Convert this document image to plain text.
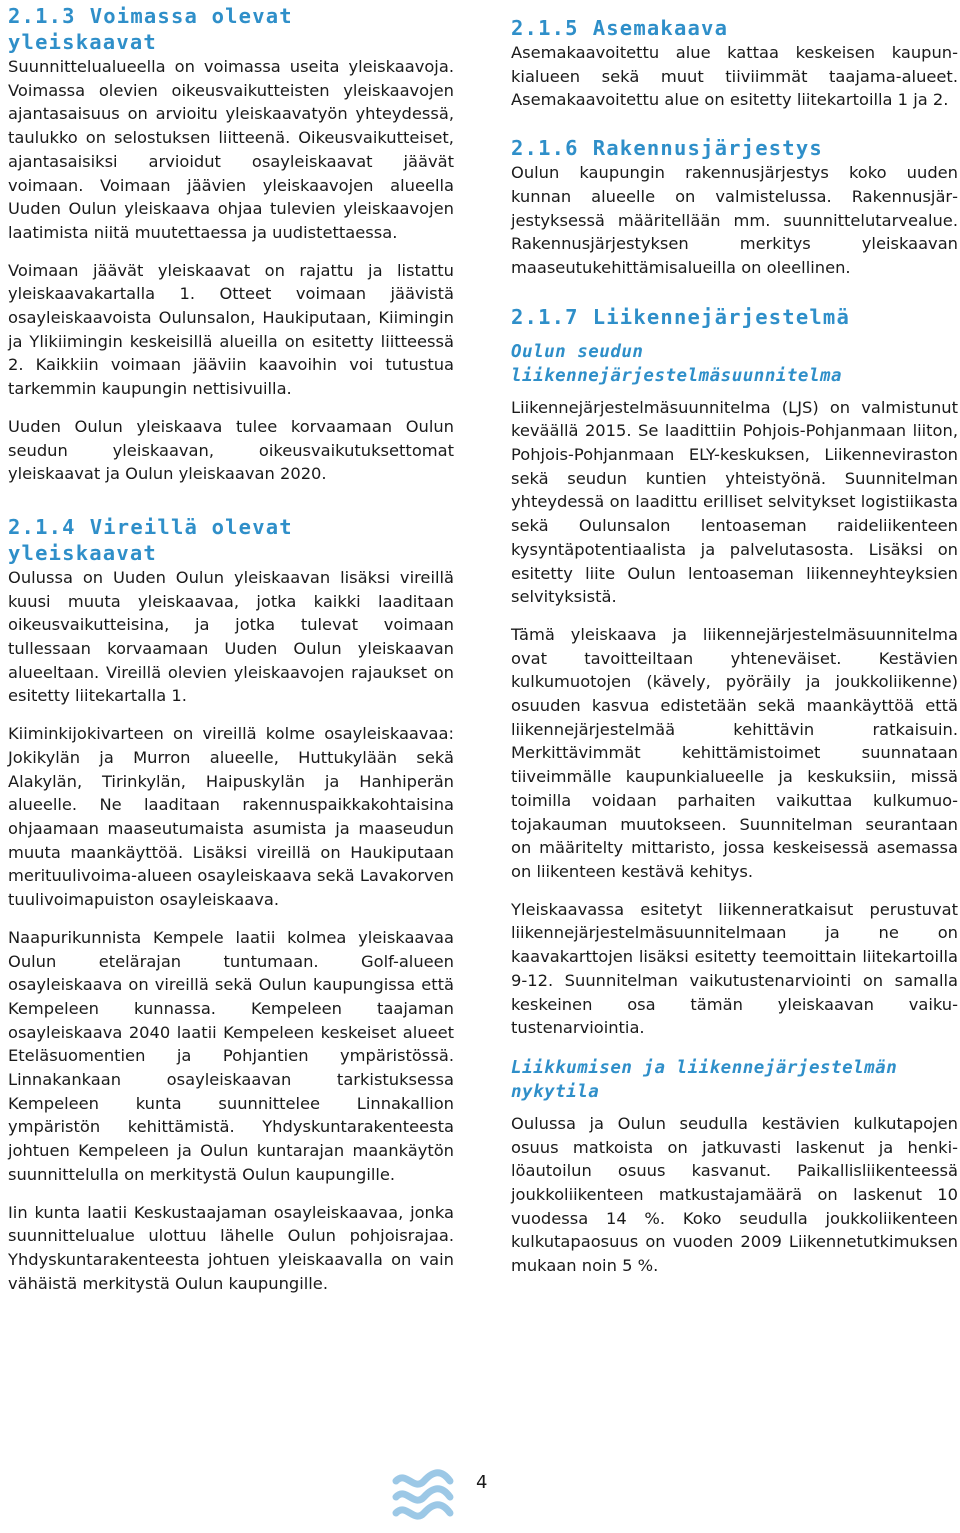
2.1.3 Voimassa olevat yleiskaavat

Suunnittelualueella on voimassa useita yleiskaavoja. Voimassa olevien oikeusvaikutteisten yleiskaavojen ajantasaisuus on arvioitu yleiskaavatyön yhteydessä, taulukko on selostuksen liitteenä. Oikeusvaikutteiset, ajantasaisiksi arvioidut osayleiskaavat jäävät voimaan. Voimaan jäävien yleiskaavojen alueella Uuden Oulun yleiskaava ohjaa tulevien yleiskaavojen laatimista niitä muutettaessa ja uudistettaessa.

Voimaan jäävät yleiskaavat on rajattu ja listattu yleiskaavakartalla 1. Otteet voimaan jäävistä osayleiskaavoista Oulunsalon, Haukiputaan, Kiimingin ja Ylikiimingin keskeisillä alueilla on esitetty liitteessä 2. Kaikkiin voimaan jääviin kaavoihin voi tutustua tarkemmin kaupungin nettisivuilla.

Uuden Oulun yleiskaava tulee korvaamaan Oulun seudun yleiskaavan, oikeusvaikutuksettomat yleiskaavat ja Oulun yleiskaavan 2020.

2.1.4 Vireillä olevat yleiskaavat

Oulussa on Uuden Oulun yleiskaavan lisäksi vireillä kuusi muuta yleiskaavaa, jotka kaikki laaditaan oikeusvaikutteisina, ja jotka tulevat voimaan tullessaan korvaamaan Uuden Oulun yleiskaavan alueeltaan. Vireillä olevien yleiskaavojen rajaukset on esitetty liitekartalla 1.

Kiiminkijokivarteen on vireillä kolme osayleiskaavaa: Jokikylän ja Murron alueelle, Huttukylään sekä Alakylän, Tirinkylän, Haipuskylän ja Hanhiperän alueelle. Ne laaditaan rakennuspaikkakohtaisina ohjaamaan maaseutumaista asumista ja maaseudun muuta maankäyttöä. Lisäksi vireillä on Haukiputaan merituulivoima-alueen osayleiskaava sekä Lavakorven tuulivoimapuiston osayleiskaava.

Naapurikunnista Kempele laatii kolmea yleiskaavaa Oulun etelärajan tuntumaan. Golf-alueen osayleiskaava on vireillä sekä Oulun kaupungissa että Kempeleen kunnassa. Kempeleen taajaman osayleiskaava 2040 laatii Kempeleen keskeiset alueet Eteläsuomentien ja Pohjantien ympäristössä. Linnakankaan osayleiskaavan tarkistuksessa Kempeleen kunta suunnittelee Linnakallion ympäristön kehittämistä. Yhdyskuntarakenteesta johtuen Kempeleen ja Oulun kuntarajan maankäytön suunnittelulla on merkitystä Oulun kaupungille.

Iin kunta laatii Keskustaajaman osayleiskaavaa, jonka suunnittelualue ulottuu lähelle Oulun pohjoisrajaa. Yhdyskuntarakenteesta johtuen yleiskaavalla on vain vähäistä merkitystä Oulun kaupungille.

2.1.5 Asemakaava

Asemakaavoitettu alue kattaa keskeisen kaupunkialueen sekä muut tiiviimmät taajama-alueet. Asemakaavoitettu alue on esitetty liitekartoilla 1 ja 2.

2.1.6 Rakennusjärjestys

Oulun kaupungin rakennusjärjestys koko uuden kunnan alueelle on valmistelussa. Rakennusjärjestyksessä määritellään mm. suunnittelutarvealue. Rakennusjärjestyksen merkitys yleiskaavan maaseutukehittämisalueilla on oleellinen.

2.1.7 Liikennejärjestelmä
Oulun seudun liikennejärjestelmäsuunnitelma

Liikennejärjestelmäsuunnitelma (LJS) on valmistunut keväällä 2015. Se laadittiin Pohjois-Pohjanmaan liiton, Pohjois-Pohjanmaan ELY-keskuksen, Liikenneviraston sekä seudun kuntien yhteistyönä. Suunnitelman yhteydessä on laadittu erilliset selvitykset logistiikasta sekä Oulunsalon lentoaseman raideliikenteen kysyntäpotentiaalista ja palvelutasosta. Lisäksi on esitetty liite Oulun lentoaseman liikenneyhteyksien selvityksistä.

Tämä yleiskaava ja liikennejärjestelmäsuunnitelma ovat tavoitteiltaan yhteneväiset. Kestävien kulkumuotojen (kävely, pyöräily ja joukkoliikenne) osuuden kasvua edistetään sekä maankäyttöä että liikennejärjestelmää kehittävin ratkaisuin. Merkittävimmät kehittämistoimet suunnataan tiiveimmälle kaupunkialueelle ja keskuksiin, missä toimilla voidaan parhaiten vaikuttaa kulkumuotojakauman muutokseen. Suunnitelman seurantaan on määritelty mittaristo, jossa keskeisessä asemassa on liikenteen kestävä kehitys.

Yleiskaavassa esitetyt liikenneratkaisut perustuvat liikennejärjestelmäsuunnitelmaan ja ne on kaavakarttojen lisäksi esitetty teemoittain liitekartoilla 9-12. Suunnitelman vaikutustenarviointi on samalla keskeinen osa tämän yleiskaavan vaikutustenarviointia.

Liikkumisen ja liikennejärjestelmän nykytila

Oulussa ja Oulun seudulla kestävien kulkutapojen osuus matkoista on jatkuvasti laskenut ja henkilöautoilun osuus kasvanut. Paikallisliikenteessä joukkoliikenteen matkustajamäärä on laskenut 10 vuodessa 14 %. Koko seudulla joukkoliikenteen kulkutapaosuus on vuoden 2009 Liikennetutkimuksen mukaan noin 5 %.

4
